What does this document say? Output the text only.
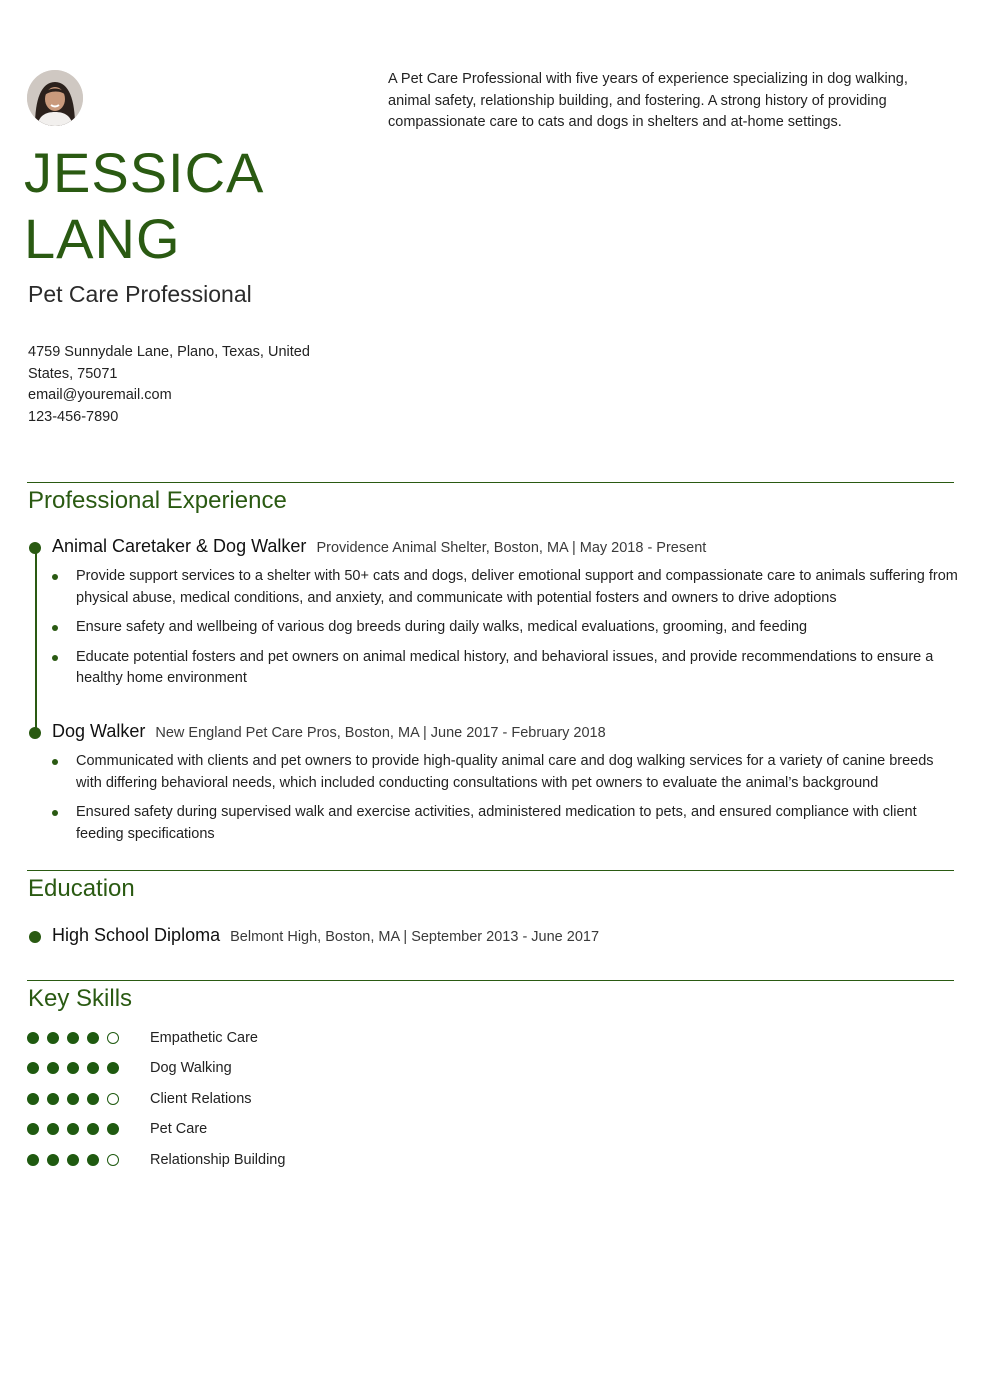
JESSICA
LANG
Pet Care Professional
4759 Sunnydale Lane, Plano, Texas, United
States, 75071
email@youremail.com
123-456-7890
A Pet Care Professional with five years of experience specializing in dog walking, animal safety, relationship building, and fostering. A strong history of providing compassionate care to cats and dogs in shelters and at-home settings.
Professional Experience
Animal Caretaker & Dog Walker Providence Animal Shelter, Boston, MA | May 2018 - Present
Provide support services to a shelter with 50+ cats and dogs, deliver emotional support and compassionate care to animals suffering from physical abuse, medical conditions, and anxiety, and communicate with potential fosters and owners to drive adoptions
Ensure safety and wellbeing of various dog breeds during daily walks, medical evaluations, grooming, and feeding
Educate potential fosters and pet owners on animal medical history, and behavioral issues, and provide recommendations to ensure a healthy home environment
Dog Walker New England Pet Care Pros, Boston, MA | June 2017 - February 2018
Communicated with clients and pet owners to provide high-quality animal care and dog walking services for a variety of canine breeds with differing behavioral needs, which included conducting consultations with pet owners to evaluate the animal’s background
Ensured safety during supervised walk and exercise activities, administered medication to pets, and ensured compliance with client feeding specifications
Education
High School Diploma Belmont High, Boston, MA | September 2013 - June 2017
Key Skills
Empathetic Care
Dog Walking
Client Relations
Pet Care
Relationship Building
